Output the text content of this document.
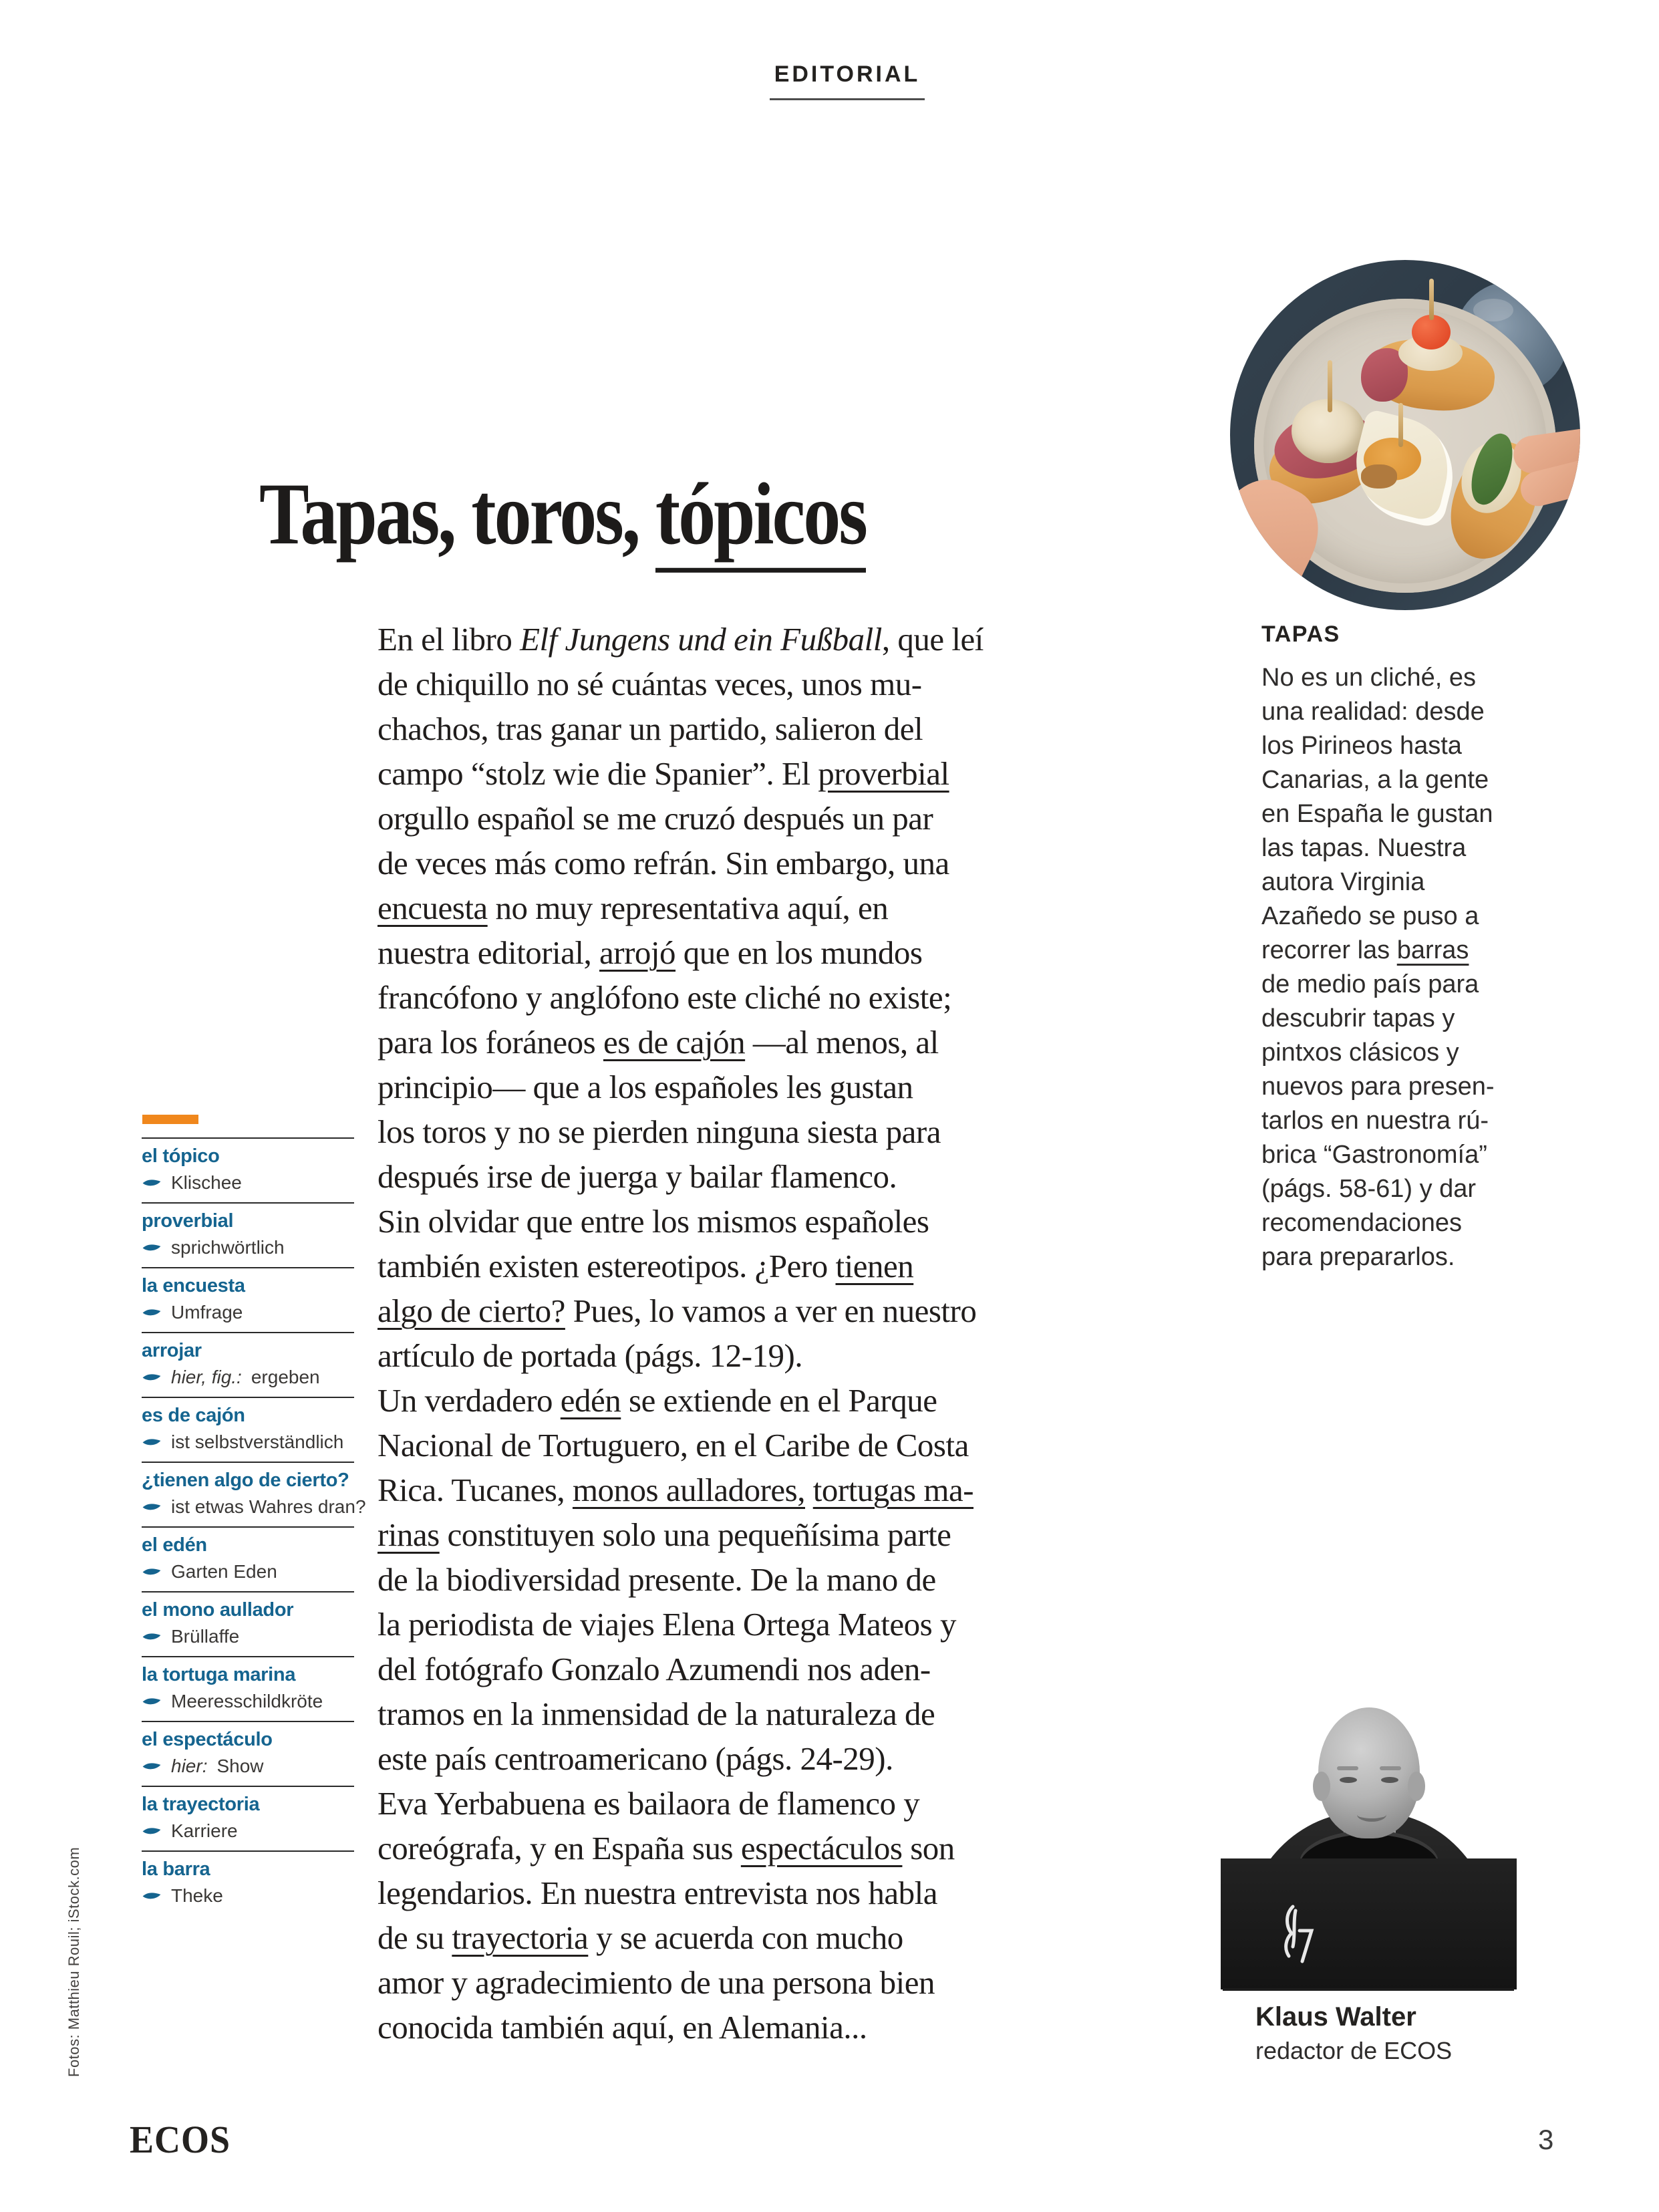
EDITORIAL
Tapas, toros, tópicos
En el libro Elf Jungens und ein Fußball, que leí
de chiquillo no sé cuántas veces, unos mu-
chachos, tras ganar un partido, salieron del
campo “stolz wie die Spanier”. El proverbial
orgullo español se me cruzó después un par
de veces más como refrán. Sin embargo, una
encuesta no muy representativa aquí, en
nuestra editorial, arrojó que en los mundos
francófono y anglófono este cliché no existe;
para los foráneos es de cajón —al menos, al
principio— que a los españoles les gustan
los toros y no se pierden ninguna siesta para
después irse de juerga y bailar flamenco.
Sin olvidar que entre los mismos españoles
también existen estereotipos. ¿Pero tienen
algo de cierto? Pues, lo vamos a ver en nuestro
artículo de portada (págs. 12-19).
Un verdadero edén se extiende en el Parque
Nacional de Tortuguero, en el Caribe de Costa
Rica. Tucanes, monos aulladores, tortugas ma-
rinas constituyen solo una pequeñísima parte
de la biodiversidad presente. De la mano de
la periodista de viajes Elena Ortega Mateos y
del fotógrafo Gonzalo Azumendi nos aden-
tramos en la inmensidad de la naturaleza de
este país centroamericano (págs. 24-29).
Eva Yerbabuena es bailaora de flamenco y
coreógrafa, y en España sus espectáculos son
legendarios. En nuestra entrevista nos habla
de su trayectoria y se acuerda con mucho
amor y agradecimiento de una persona bien
conocida también aquí, en Alemania...
el tópico
Klischee
proverbial
sprichwörtlich
la encuesta
Umfrage
arrojar
hier, fig.: ergeben
es de cajón
ist selbstverständlich
¿tienen algo de cierto?
ist etwas Wahres dran?
el edén
Garten Eden
el mono aullador
Brüllaffe
la tortuga marina
Meeresschildkröte
el espectáculo
hier: Show
la trayectoria
Karriere
la barra
Theke
TAPAS
No es un cliché, es
una realidad: desde
los Pirineos hasta
Canarias, a la gente
en España le gustan
las tapas. Nuestra
autora Virginia
Azañedo se puso a
recorrer las barras
de medio país para
descubrir tapas y
pintxos clásicos y
nuevos para presen-
tarlos en nuestra rú-
brica “Gastronomía”
(págs. 58-61) y dar
recomendaciones
para prepararlos.
Klaus Walter
redactor de ECOS
ECOS	3
Fotos: Matthieu Rouil; iStock.com
